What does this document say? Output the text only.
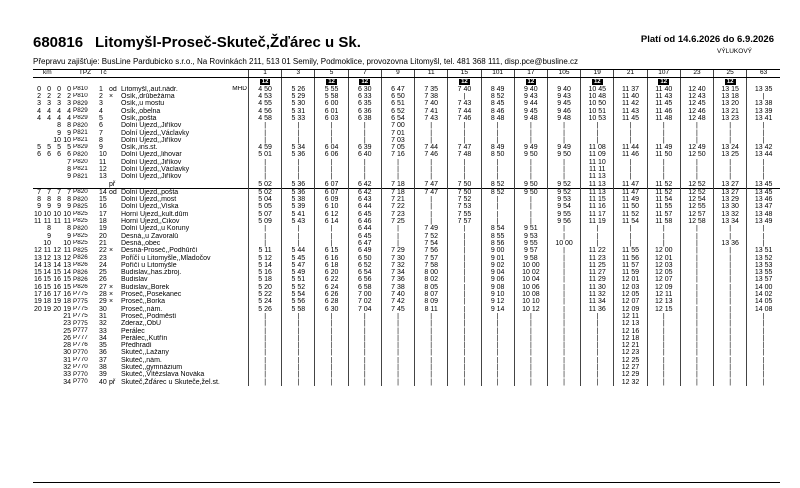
680816 Litomyšl-Proseč-Skuteč,Žďárec u Sk.	Platí od 14.6.2026 do 6.9.2026
VÝLUKOVÝ
Přepravu zajišťuje: BusLine Pardubicko s.r.o., Na Rovinkách 211, 513 01 Semily, Podmoklice, provozovna Litomyšl, tel. 481 368 111, disp.pce@busline.cz
	km			TPZ	Tč			1	3	5	7	9	11	15	101	17	105	19	21	107	23	25	63
								12		12	12			12		12		12		12		12	
0	0	0	0	P810	1	od Litomyšl,,aut.nádr.	MHD	4 50	5 26	5 55	6 30	6 47	7 35	7 40	8 49	9 40	9 40	10 45	11 37	11 40	12 40	13 15	13 35
2	2	2	2	P810	2	× Osík,,drůbežárna		4 53	5 29	5 58	6 33	6 50	7 38	|	8 52	9 43	9 43	10 48	11 40	11 43	12 43	13 18	|
3	3	3	3	P829	3	Osík,,u mostu		4 55	5 30	6 00	6 35	6 51	7 40	7 43	8 45	9 44	9 45	10 50	11 42	11 45	12 45	13 20	13 38
4	4	4	4	P829	4	Osík,,obelna		4 56	5 31	6 01	6 36	6 52	7 41	7 44	8 46	9 45	9 46	10 51	11 43	11 46	12 46	13 21	13 39
4	4	4	4	P829	5	Osík,,pošta		4 58	5 33	6 03	6 38	6 54	7 43	7 46	8 48	9 48	9 48	10 53	11 45	11 48	12 48	13 23	13 41
		8	8	P820	6	Dolní Újezd,,Jiříkov		|	|	|	|	7 00	|	|	|	|	|	|	|	|	|	|	|
		9	9	P821	7	Dolní Újezd,,Václavky		|	|	|	|	7 01	|	|	|	|	|	|	|	|	|	|	|
		10	10	P821	8	Dolní Újezd,,Jiříkov		|	|	|	|	7 03	|	|	|	|	|	|	|	|	|	|	|
5	5	5	5	P829	9	Osík,,ins.st.		4 59	5 34	6 04	6 39	7 05	7 44	7 47	8 49	9 49	9 49	11 08	11 44	11 49	12 49	13 24	13 42
6	6	6	6	P820	10	Dolní Újezd,,lihovar		5 01	5 36	6 06	6 40	7 16	7 46	7 48	8 50	9 50	9 50	11 09	11 46	11 50	12 50	13 25	13 44
			7	P820	11	Dolní Újezd,,Jiříkov		|	|	|	|	|	|	|	|	|	|	11 10	|	|	|	|	|
			8	P821	12	Dolní Újezd,,Václavky		|	|	|	|	|	|	|	|	|	|	11 11	|	|	|	|	|
			9	P821	13	Dolní Újezd,,Jiříkov		|	|	|	|	|	|	|	|	|	|	11 13	|	|	|	|	|
						př		5 02	5 36	6 07	6 42	7 18	7 47	7 50	8 52	9 50	9 52	11 13	11 47	11 52	12 52	13 27	13 45
7	7	7	7	P820	14	od Dolní Újezd,,pošta		5 02	5 36	6 07	6 42	7 18	7 47	7 50	8 52	9 50	9 52	11 13	11 47	11 52	12 52	13 27	13 45
8	8	8	8	P820	15	Dolní Újezd,,most		5 04	5 38	6 09	6 43	7 21	|	7 52	|	|	9 53	11 15	11 49	11 54	12 54	13 29	13 46
9	9	9	9	P825	16	Dolní Újezd,,Víska		5 05	5 39	6 10	6 44	7 22	|	7 53	|	|	9 54	11 16	11 50	11 55	12 55	13 30	13 47
10	10	10	10	P825	17	Horní Újezd,,kult.dům		5 07	5 41	6 12	6 45	7 23	|	7 55	|	|	9 55	11 17	11 52	11 57	12 57	13 32	13 48
11	11	11	11	P825	18	Horní Újezd,,Cikov		5 09	5 43	6 14	6 46	7 25	|	7 57	|	|	9 56	11 19	11 54	11 58	12 58	13 34	13 49
	8		8	P820	19	Dolní Újezd,,u Koruny		|	|	|	6 44	|	7 49	|	8 54	9 51	|	|	|	|	|	|	|
	9		9	P825	20	Desná,,u Zavoralů		|	|	|	6 45	|	7 52	|	8 55	9 53	|	|	|	|	|	|	|
	10		10	P825	21	Desná,,obec		|	|	|	6 47	|	7 54	|	8 56	9 55	10 00	|	|	|	|	13 36	|
12	11	12	11	P825	22	× Desná-Proseč,,Podhůrčí		5 11	5 44	6 15	6 49	7 29	7 56	|	9 00	9 57	|	11 22	11 55	12 00	|	|	13 51
13	12	13	12	P826	23	Poříčí u Litomyšle,,Mladočov		5 12	5 45	6 16	6 50	7 30	7 57	|	9 01	9 58	|	11 23	11 56	12 01	|	|	13 52
14	13	14	13	P826	24	Poříčí u Litomyšle		5 14	5 47	6 18	6 52	7 32	7 58	|	9 02	10 00	|	11 25	11 57	12 03	|	|	13 53
15	14	15	14	P826	25	Budislav,,has.zbroj.		5 16	5 49	6 20	6 54	7 34	8 00	|	9 04	10 02	|	11 27	11 59	12 05	|	|	13 55
16	15	16	15	P826	26	Budislav		5 18	5 51	6 22	6 56	7 36	8 02	|	9 06	10 04	|	11 29	12 01	12 07	|	|	13 57
16	15	16	15	P826	27	× Budislav,,Borek		5 20	5 52	6 24	6 58	7 38	8 05	|	9 08	10 06	|	11 30	12 03	12 09	|	|	14 00
17	16	17	16	P775	28	× Proseč,,Posekanec		5 22	5 54	6 26	7 00	7 40	8 07	|	9 10	10 08	|	11 32	12 05	12 11	|	|	14 02
19	18	19	18	P775	29	× Proseč,,Borka		5 24	5 56	6 28	7 02	7 42	8 09	|	9 12	10 10	|	11 34	12 07	12 13	|	|	14 05
20	19	20	19	P775	30	Proseč,,nám.		5 26	5 58	6 30	7 04	7 45	8 11	|	9 14	10 12	|	11 36	12 09	12 15	|	|	14 08
			21	P775	31	Proseč,,Podměstí		|	|	|	|	|	|	|	|	|	|	|	12 11	|	|	|	|
			23	P775	32	Zderaz,,ObÚ		|	|	|	|	|	|	|	|	|	|	|	12 13	|	|	|	|
			25	P777	33	Perálec		|	|	|	|	|	|	|	|	|	|	|	12 16	|	|	|	|
			26	P777	34	Perálec,,Kutřín		|	|	|	|	|	|	|	|	|	|	|	12 18	|	|	|	|
			28	P776	35	Předhradí		|	|	|	|	|	|	|	|	|	|	|	12 21	|	|	|	|
			30	P770	36	Skuteč,,Lažany		|	|	|	|	|	|	|	|	|	|	|	12 23	|	|	|	|
			31	P770	37	Skuteč,,nám.		|	|	|	|	|	|	|	|	|	|	|	12 25	|	|	|	|
			32	P770	38	Skuteč,,gymnázium		|	|	|	|	|	|	|	|	|	|	|	12 27	|	|	|	|
			33	P770	39	Skuteč,,Vítězslava Nováka		|	|	|	|	|	|	|	|	|	|	|	12 29	|	|	|	|
			34	P770	40	př Skuteč,Žďárec u Skuteče,žel.st.		|	|	|	|	|	|	|	|	|	|	|	12 32	|	|	|	|
